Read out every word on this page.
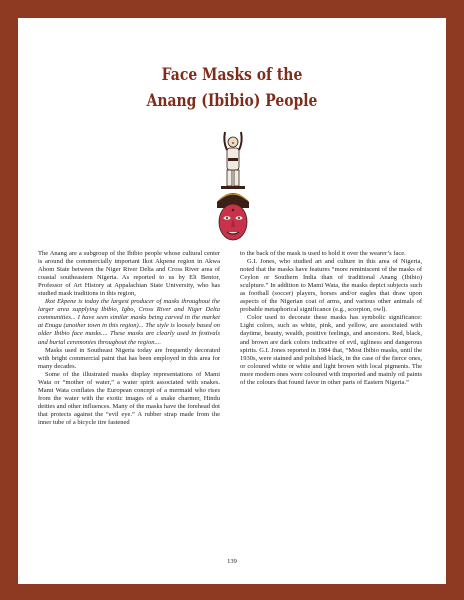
Face Masks of the
Anang (Ibibio) People

The Anang are a subgroup of the Ibibio people whose cultural center is around the commercially important Ikot Akpene region in Akwa Abom State between the Niger River Delta and Cross River area of coastal southeastern Nigeria. As reported to us by Eli Bentor, Professor of Art History at Appalachian State University, who has studied mask traditions in this region,

Ikot Ekpene is today the largest producer of masks throughout the larger area supplying Ibibio, Igbo, Cross River and Niger Delta communities... I have seen similar masks being carved in the market at Enugu (another town in this region)... The style is loosely based on older Ibibio face masks.... These masks are clearly used in festivals and burial ceremonies throughout the region....

Masks used in Southeast Nigeria today are frequently decorated with bright commercial paint that has been employed in this area for many decades.

Some of the illustrated masks display representations of Mami Wata or “mother of water,” a water spirit associated with snakes. Mami Wata conflates the European concept of a mermaid who rises from the water with the exotic images of a snake charmer, Hindu deities and other influences. Many of the masks have the forehead dot that protects against the “evil eye.” A rubber strap made from the inner tube of a bicycle tire fastened

to the back of the mask is used to hold it over the wearer’s face.

G.I. Jones, who studied art and culture in this area of Nigeria, noted that the masks have features “more reminiscent of the masks of Ceylon or Southern India than of traditional Anang (Ibibio) sculpture.” In addition to Mami Wata, the masks depict subjects such as football (soccer) players, horses and/or eagles that draw upon aspects of the Nigerian coat of arms, and various other animals of probable metaphorical significance (e.g., scorpion, owl).

Color used to decorate these masks has symbolic significance: Light colors, such as white, pink, and yellow, are associated with daytime, beauty, wealth, positive feelings, and ancestors. Red, black, and brown are dark colors indicative of evil, ugliness and dangerous spirits. G.I. Jones reported in 1984 that, “Most Ibibio masks, until the 1930s, were stained and polished black, in the case of the fierce ones, or coloured white or white and light brown with local pigments. The more modern ones were coloured with imported and mainly oil paints of the colours that found favor in other parts of Eastern Nigeria.”

139
